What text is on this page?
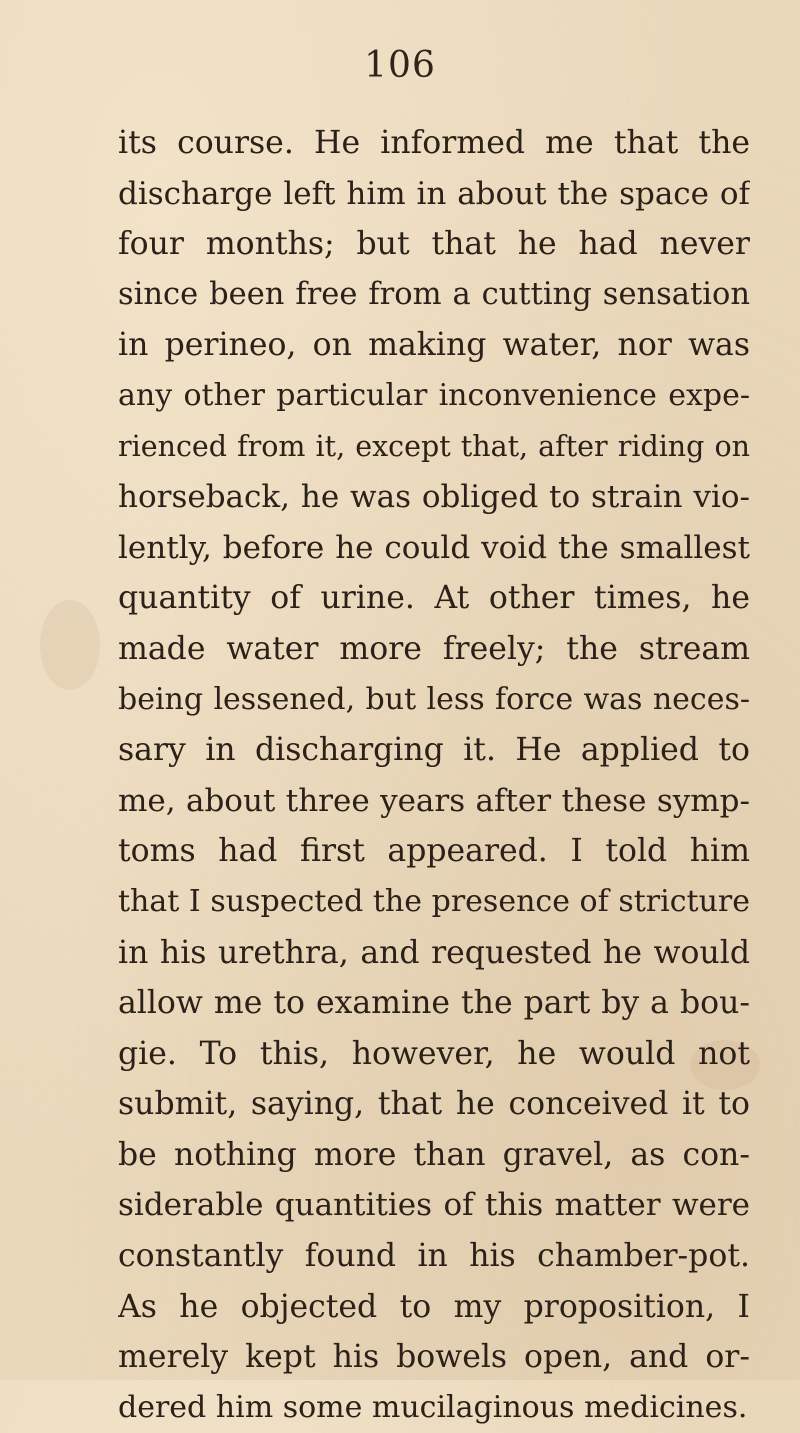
106
its course. He informed me that the
discharge left him in about the space of
four months; but that he had never
since been free from a cutting sensation
in perineo, on making water, nor was
any other particular inconvenience expe-
rienced from it, except that, after riding on
horseback, he was obliged to strain vio-
lently, before he could void the smallest
quantity of urine. At other times, he
made water more freely; the stream
being lessened, but less force was neces-
sary in discharging it. He applied to
me, about three years after these symp-
toms had first appeared. I told him
that I suspected the presence of stricture
in his urethra, and requested he would
allow me to examine the part by a bou-
gie. To this, however, he would not
submit, saying, that he conceived it to
be nothing more than gravel, as con-
siderable quantities of this matter were
constantly found in his chamber-pot.
As he objected to my proposition, I
merely kept his bowels open, and or-
dered him some mucilaginous medicines.
